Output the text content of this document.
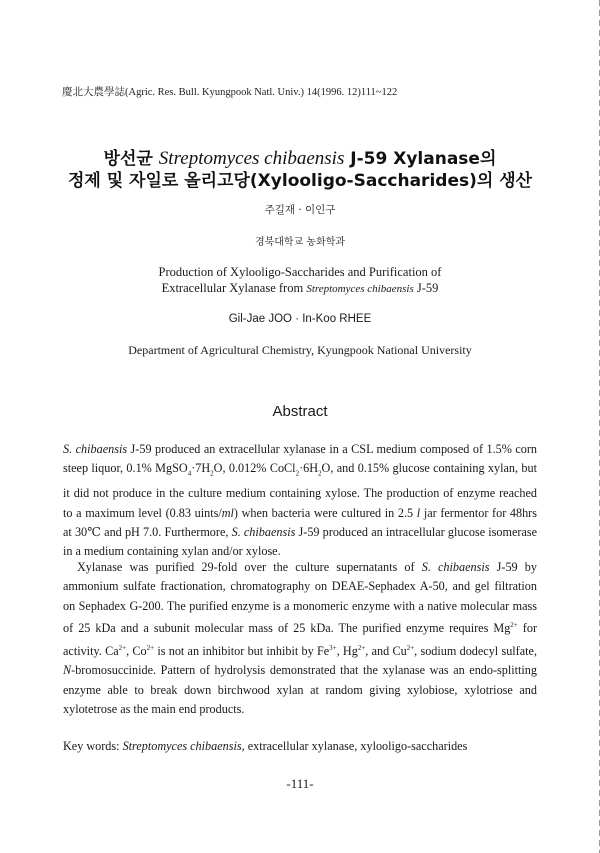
慶北大農學誌(Agric. Res. Bull. Kyungpook Natl. Univ.) 14(1996. 12)111~122
방선균 Streptomyces chibaensis J-59 Xylanase의
정제 및 자일로 올리고당(Xylooligo-Saccharides)의 생산
주길재 · 이인구
경북대학교 농화학과
Production of Xylooligo-Saccharides and Purification of
Extracellular Xylanase from Streptomyces chibaensis J-59
Gil-Jae JOO · In-Koo RHEE
Department of Agricultural Chemistry, Kyungpook National University
Abstract

S. chibaensis J-59 produced an extracellular xylanase in a CSL medium composed of 1.5% corn steep liquor, 0.1% $MgSO_4\cdot 7H_2O$, 0.012% $CoCl_2\cdot 6H_2O$, and 0.15% glucose containing xylan, but it did not produce in the culture medium containing xylose. The production of enzyme reached to a maximum level (0.83 uints/ml) when bacteria were cultured in 2.5 l jar fermentor for 48hrs at 30℃ and pH 7.0. Furthermore, S. chibaensis J-59 produced an intracellular glucose isomerase in a medium containing xylan and/or xylose.

Xylanase was purified 29-fold over the culture supernatants of S. chibaensis J-59 by ammonium sulfate fractionation, chromatography on DEAE-Sephadex A-50, and gel filtration on Sephadex G-200. The purified enzyme is a monomeric enzyme with a native molecular mass of 25 kDa and a subunit molecular mass of 25 kDa. The purified enzyme requires $Mg^{2+}$ for activity. $Ca^{2+}$, $Co^{2+}$ is not an inhibitor but inhibit by $Fe^{3+}$, $Hg^{2+}$, and $Cu^{2+}$, sodium dodecyl sulfate, N-bromosuccinide. Pattern of hydrolysis demonstrated that the xylanase was an endo-splitting enzyme able to break down birchwood xylan at random giving xylobiose, xylotriose and xylotetrose as the main end products.

Key words: Streptomyces chibaensis, extracellular xylanase, xylooligo-saccharides
-111-
